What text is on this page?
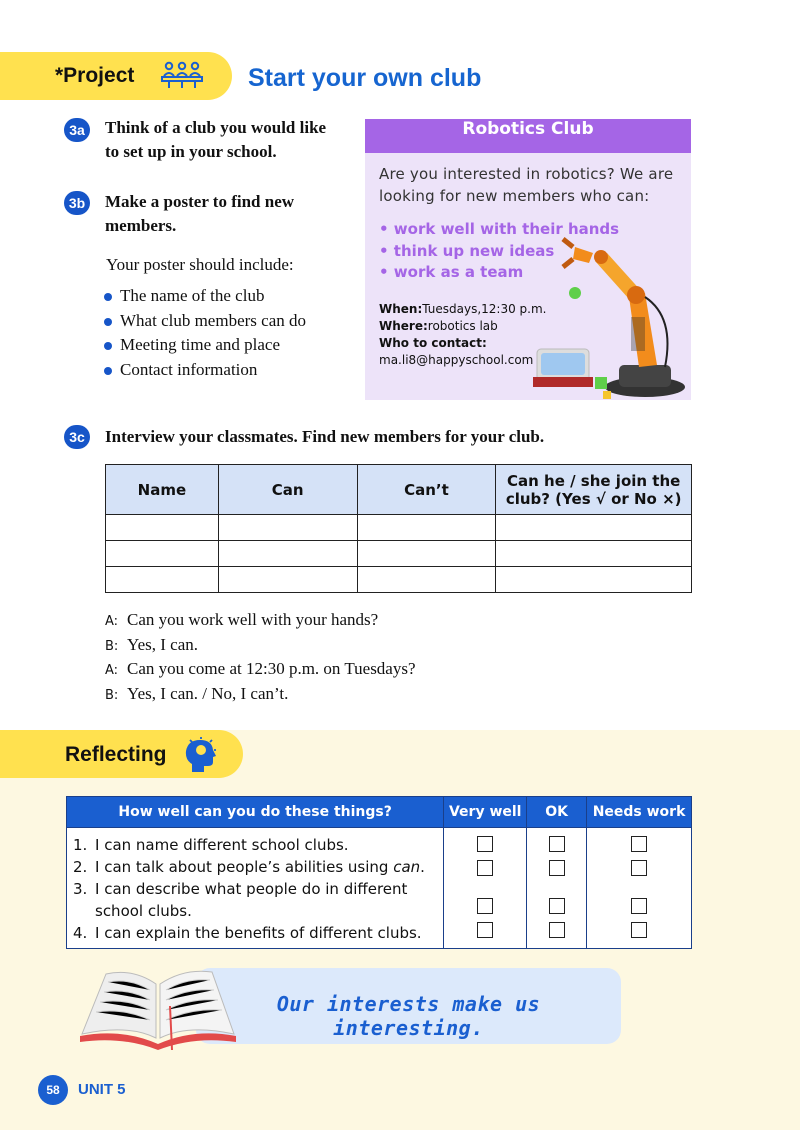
*Project	Start your own club
3a	Think of a club you would like
to set up in your school.
3b Make a poster to find new
members.
Your poster should include:
The name of the club
What club members can do
Meeting time and place
Contact information
Robotics Club
Are you interested in robotics? We are looking for new members who can:
• work well with their hands
• think up new ideas
• work as a team
When:Tuesdays,12:30 p.m.
Where:robotics lab
Who to contact:
ma.li8@happyschool.com
3c	Interview your classmates. Find new members for your club.
Name	Can	Can’t	Can he / she join the club? (Yes √ or No ×)

A: Can you work well with your hands?
B: Yes, I can.
A: Can you come at 12:30 p.m. on Tuesdays?
B: Yes, I can. / No, I can’t.
Reflecting
How well can you do these things?	Very well	OK	Needs work

1. I can name different school clubs.
2. I can talk about people’s abilities using can.
3. I can describe what people do in different
school clubs.
4. I can explain the benefits of different clubs.			

Our interests make us interesting.
58	UNIT 5
